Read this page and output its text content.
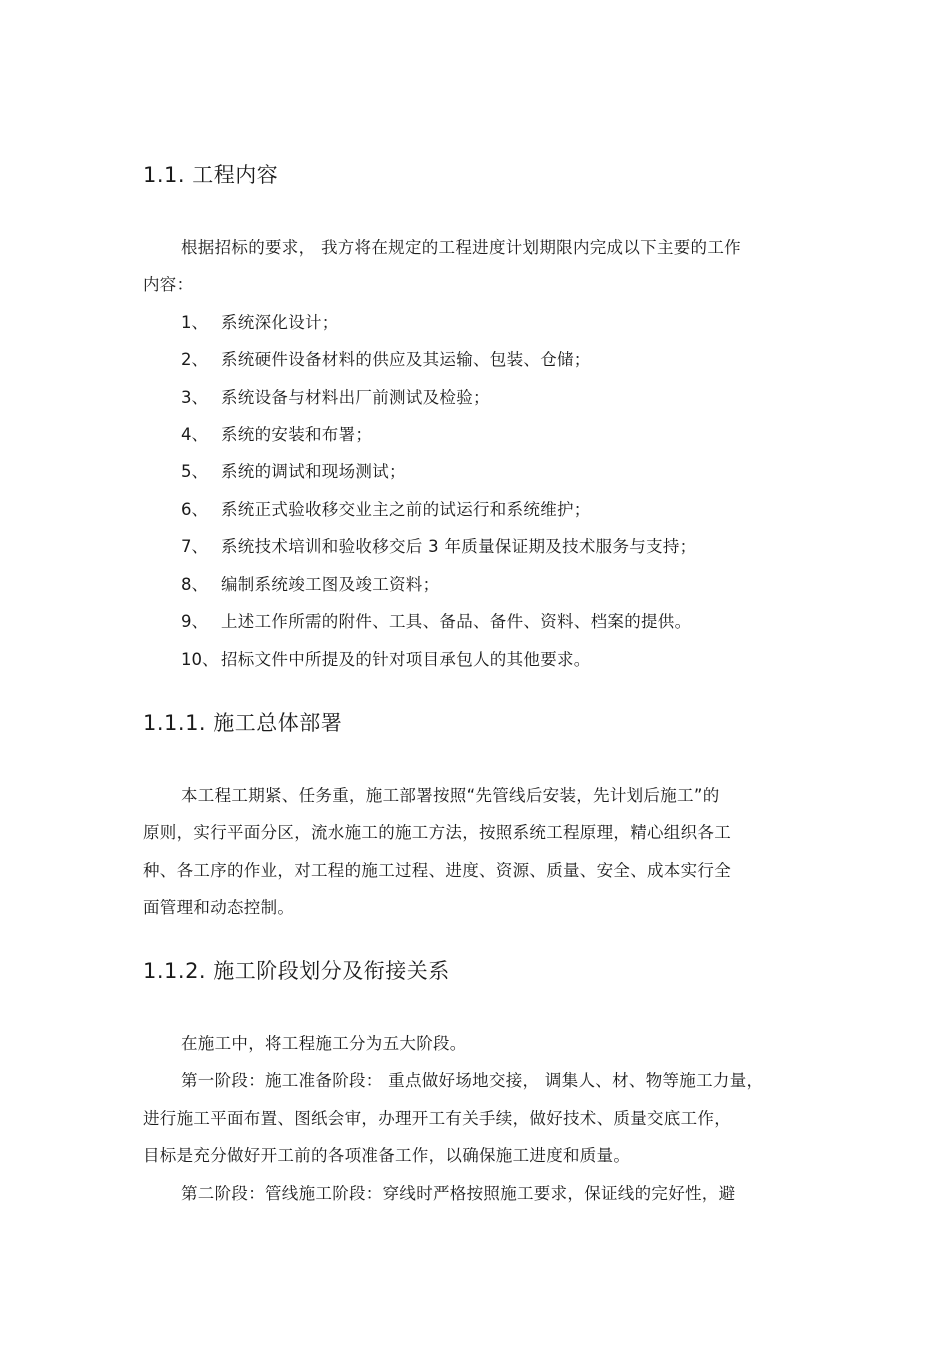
1.1. 工程内容
根据招标的要求， 我方将在规定的工程进度计划期限内完成以下主要的工作
内容：
1、 系统深化设计；
2、 系统硬件设备材料的供应及其运输、包装、仓储；
3、 系统设备与材料出厂前测试及检验；
4、 系统的安装和布署；
5、 系统的调试和现场测试；
6、 系统正式验收移交业主之前的试运行和系统维护；
7、 系统技术培训和验收移交后 3 年质量保证期及技术服务与支持；
8、 编制系统竣工图及竣工资料；
9、 上述工作所需的附件、工具、备品、备件、资料、档案的提供。
10、 招标文件中所提及的针对项目承包人的其他要求。
1.1.1. 施工总体部署
本工程工期紧、任务重，施工部署按照“先管线后安装，先计划后施工”的
原则，实行平面分区，流水施工的施工方法，按照系统工程原理，精心组织各工
种、各工序的作业，对工程的施工过程、进度、资源、质量、安全、成本实行全
面管理和动态控制。
1.1.2. 施工阶段划分及衔接关系
在施工中，将工程施工分为五大阶段。
第一阶段：施工准备阶段： 重点做好场地交接， 调集人、材、物等施工力量，
进行施工平面布置、图纸会审，办理开工有关手续，做好技术、质量交底工作，
目标是充分做好开工前的各项准备工作，以确保施工进度和质量。
第二阶段：管线施工阶段：穿线时严格按照施工要求，保证线的完好性，避
